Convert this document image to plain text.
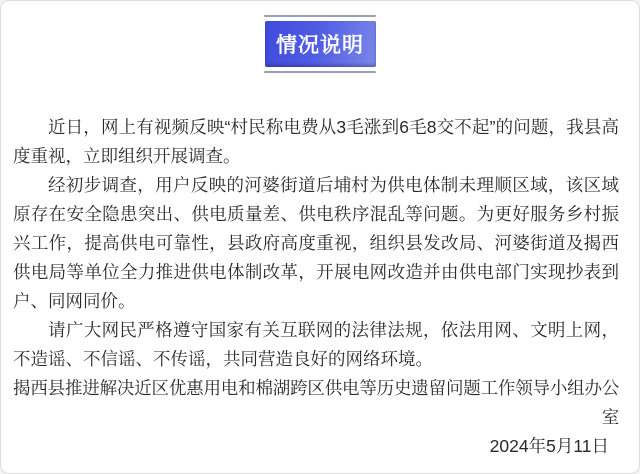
情况说明

近日，网上有视频反映“村民称电费从3毛涨到6毛8交不起”的问题，我县高度重视，立即组织开展调查。

经初步调查，用户反映的河婆街道后埔村为供电体制未理顺区域，该区域原存在安全隐患突出、供电质量差、供电秩序混乱等问题。为更好服务乡村振兴工作，提高供电可靠性，县政府高度重视，组织县发改局、河婆街道及揭西供电局等单位全力推进供电体制改革，开展电网改造并由供电部门实现抄表到户、同网同价。

请广大网民严格遵守国家有关互联网的法律法规，依法用网、文明上网，不造谣、不信谣、不传谣，共同营造良好的网络环境。

揭西县推进解决近区优惠用电和棉湖跨区供电等历史遗留问题工作领导小组办公室

2024年5月11日
